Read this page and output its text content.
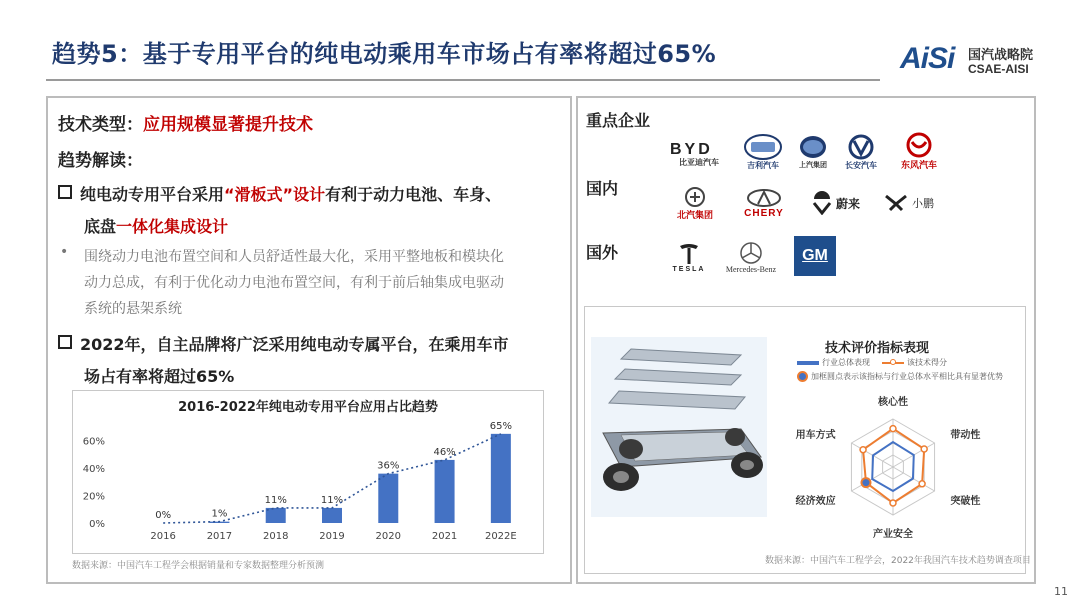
趋势5：基于专用平台的纯电动乘用车市场占有率将超过65%	AiSi 国汽战略院
CSAE-AISI
技术类型：应用规模显著提升技术
趋势解读：
纯电动专用平台采用“滑板式”设计有利于动力电池、车身、
底盘一体化集成设计
• 围绕动力电池布置空间和人员舒适性最大化，采用平整地板和模块化
动力总成，有利于优化动力电池布置空间，有利于前后轴集成电驱动
系统的悬架系统
2022年，自主品牌将广泛采用纯电动专属平台，在乘用车市
场占有率将超过65%
2016-2022年纯电动专用平台应用占比趋势
0%
20%
40%
60%
0%
2016
1%
2017
11%
2018
11%
2019
36%
2020
46%
2021
65%
2022E
数据来源：中国汽车工程学会根据销量和专家数据整理分析预测
重点企业
国内
国外
BYD
比亚迪汽车	吉利汽车	上汽集团 长安汽车	东风汽车
北汽集团	CHERY
蔚来	小鹏
TESLA	Mercedes-Benz
GM
技术评价指标表现
行业总体表现	该技术得分
加框圆点表示该指标与行业总体水平相比具有显著优势
核心性
带动性
突破性
产业安全
经济效应
用车方式
数据来源：中国汽车工程学会，2022年我国汽车技术趋势调查项目
11
